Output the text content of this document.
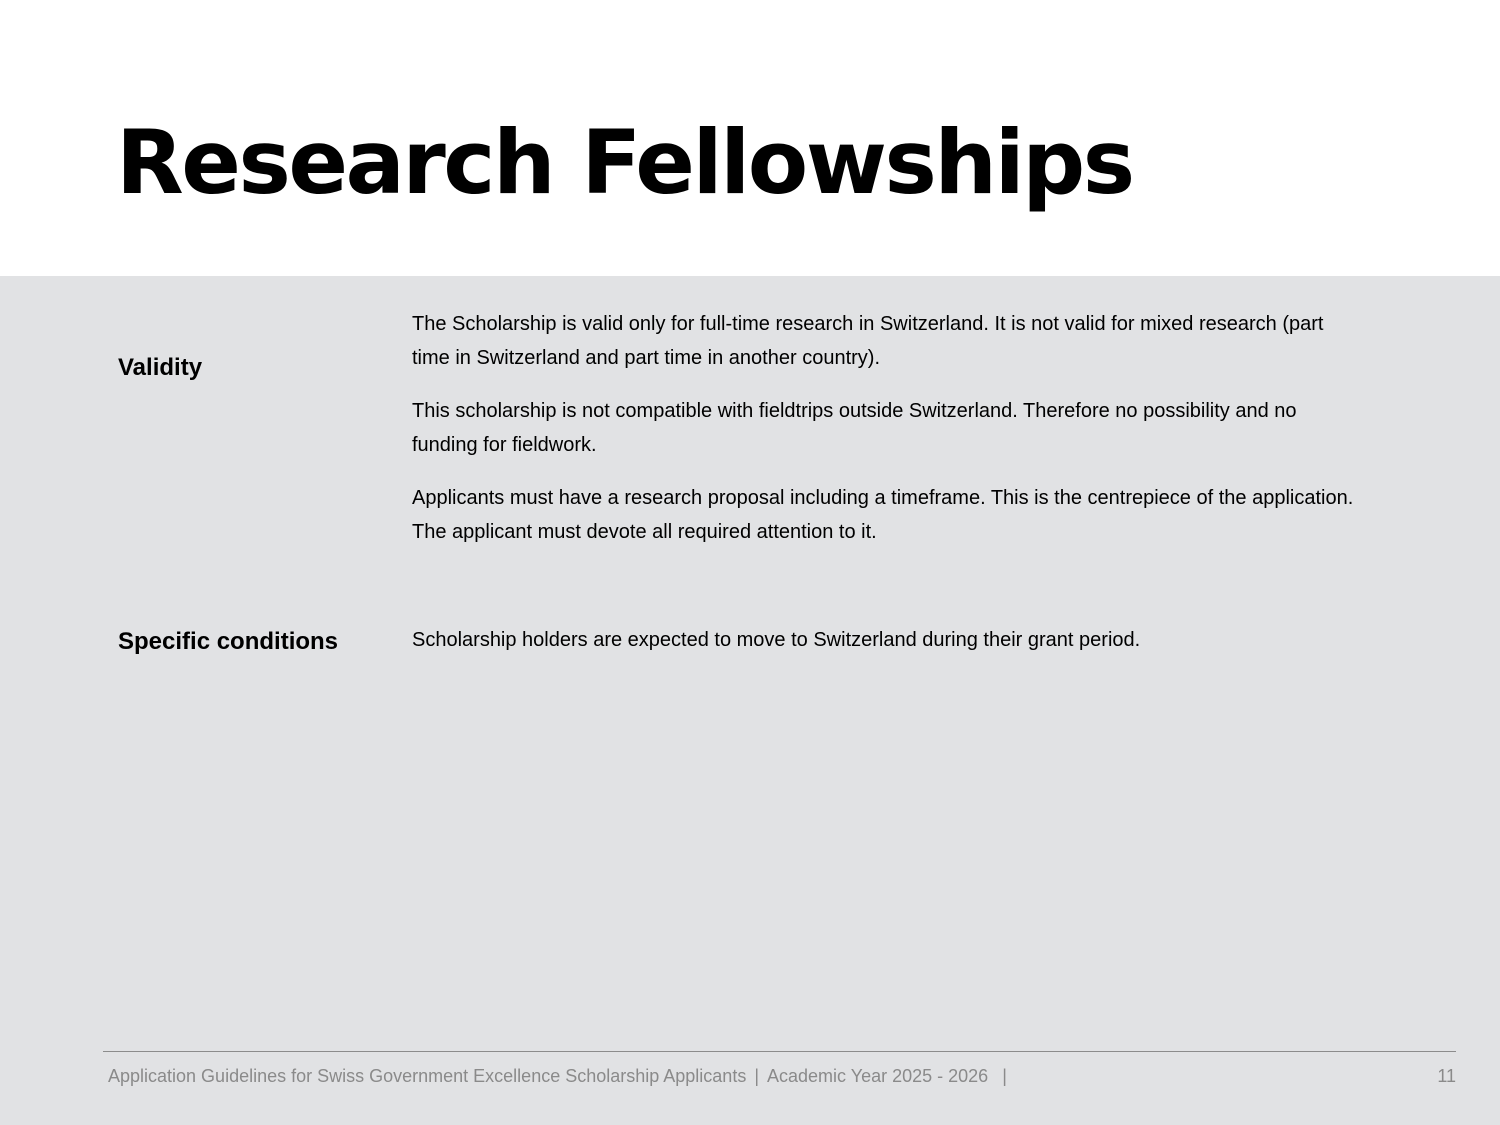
Research Fellowships
Validity

The Scholarship is valid only for full-time research in Switzerland. It is not valid for mixed research (part time in Switzerland and part time in another country).

This scholarship is not compatible with fieldtrips outside Switzerland. Therefore no possibility and no funding for fieldwork.

Applicants must have a research proposal including a timeframe. This is the centrepiece of the application. The applicant must devote all required attention to it.

Specific conditions	Scholarship holders are expected to move to Switzerland during their grant period.

Application Guidelines for Swiss Government Excellence Scholarship Applicants | Academic Year 2025 - 2026 |	11
